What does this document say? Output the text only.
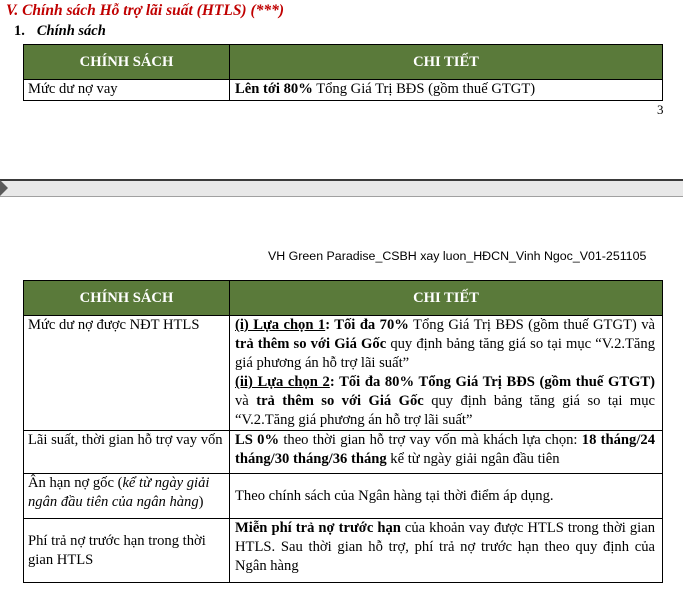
V. Chính sách Hỗ trợ lãi suất (HTLS) (***)
1. Chính sách
CHÍNH SÁCH	CHI TIẾT
Mức dư nợ vay	Lên tới 80% Tổng Giá Trị BĐS (gồm thuế GTGT)
3
VH Green Paradise_CSBH xay luon_HĐCN_Vinh Ngoc_V01-251105
CHÍNH SÁCH	CHI TIẾT
Mức dư nợ được NĐT HTLS	(i) Lựa chọn 1: Tối đa 70% Tổng Giá Trị BĐS (gồm thuế GTGT) và trả thêm so với Giá Gốc quy định bảng tăng giá so tại mục “V.2.Tăng giá phương án hỗ trợ lãi suất”
(ii) Lựa chọn 2: Tối đa 80% Tổng Giá Trị BĐS (gồm thuế GTGT) và trả thêm so với Giá Gốc quy định bảng tăng giá so tại mục “V.2.Tăng giá phương án hỗ trợ lãi suất”
Lãi suất, thời gian hỗ trợ vay vốn	LS 0% theo thời gian hỗ trợ vay vốn mà khách lựa chọn: 18 tháng/24 tháng/30 tháng/36 tháng kể từ ngày giải ngân đầu tiên
Ân hạn nợ gốc (kể từ ngày giải ngân đầu tiên của ngân hàng)	Theo chính sách của Ngân hàng tại thời điểm áp dụng.
Phí trả nợ trước hạn trong thời gian HTLS	Miễn phí trả nợ trước hạn của khoản vay được HTLS trong thời gian HTLS. Sau thời gian hỗ trợ, phí trả nợ trước hạn theo quy định của Ngân hàng
